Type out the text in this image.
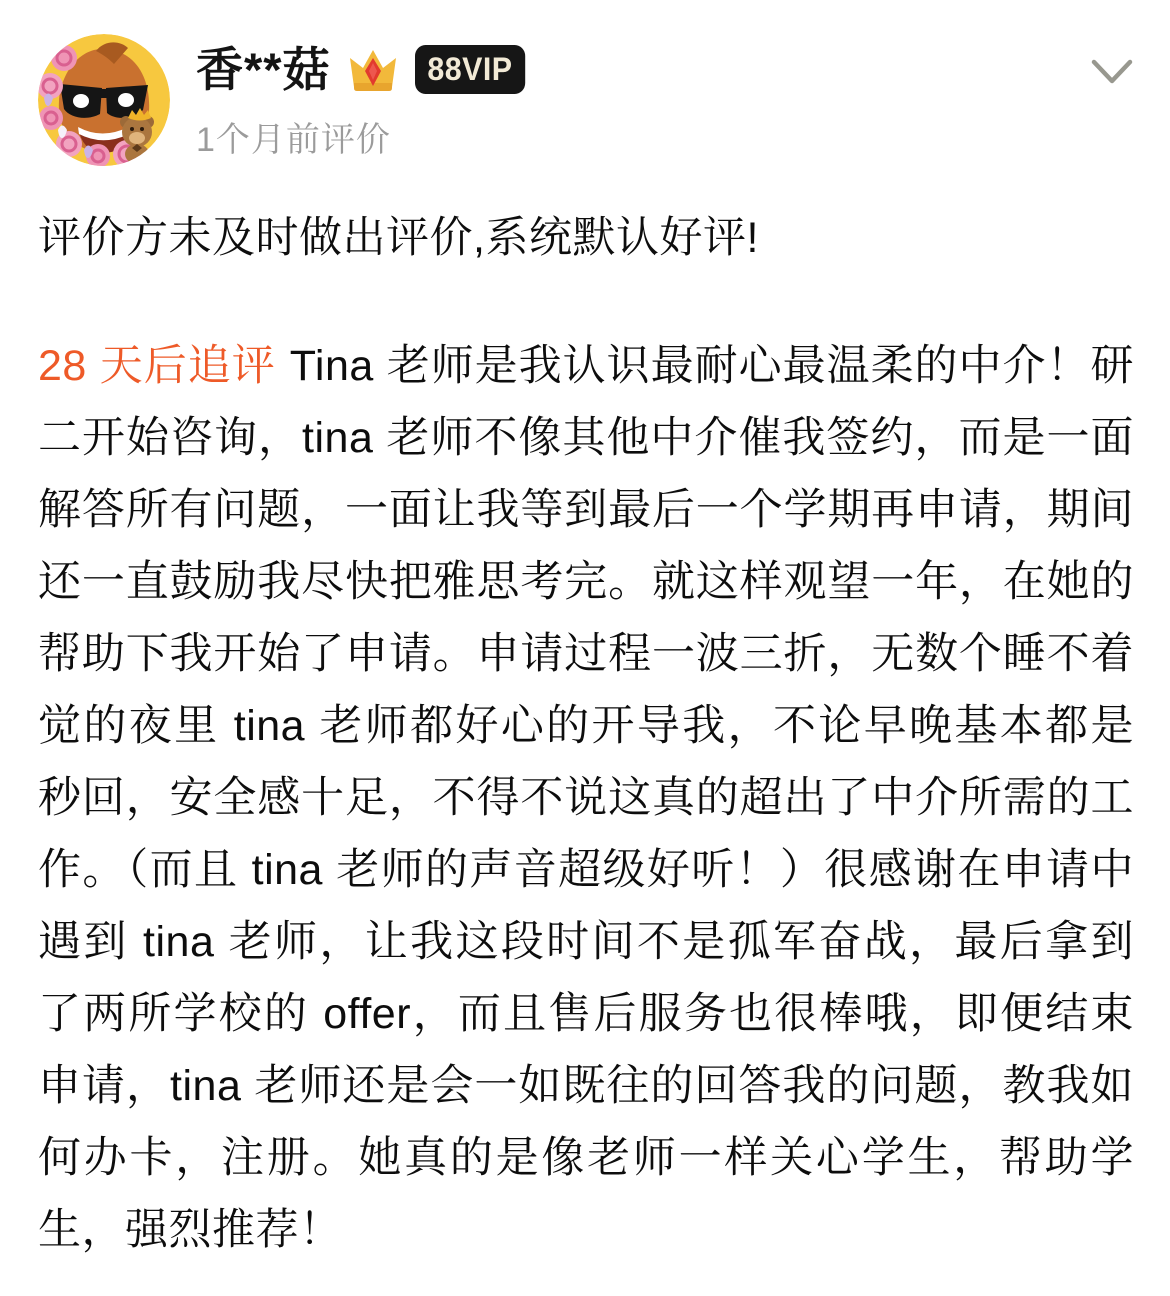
香**菇	88VIP
1个月前评价

评价方未及时做出评价,系统默认好评!

28 天后追评 Tina 老师是我认识最耐心最温柔的中介！研二开始咨询，tina 老师不像其他中介催我签约，而是一面解答所有问题，一面让我等到最后一个学期再申请，期间还一直鼓励我尽快把雅思考完。就这样观望一年，在她的帮助下我开始了申请。申请过程一波三折，无数个睡不着觉的夜里 tina 老师都好心的开导我，不论早晚基本都是秒回，安全感十足，不得不说这真的超出了中介所需的工作。（而且 tina 老师的声音超级好听！）很感谢在申请中遇到 tina 老师，让我这段时间不是孤军奋战，最后拿到了两所学校的 offer，而且售后服务也很棒哦，即便结束申请，tina 老师还是会一如既往的回答我的问题，教我如何办卡，注册。她真的是像老师一样关心学生，帮助学生，强烈推荐！
